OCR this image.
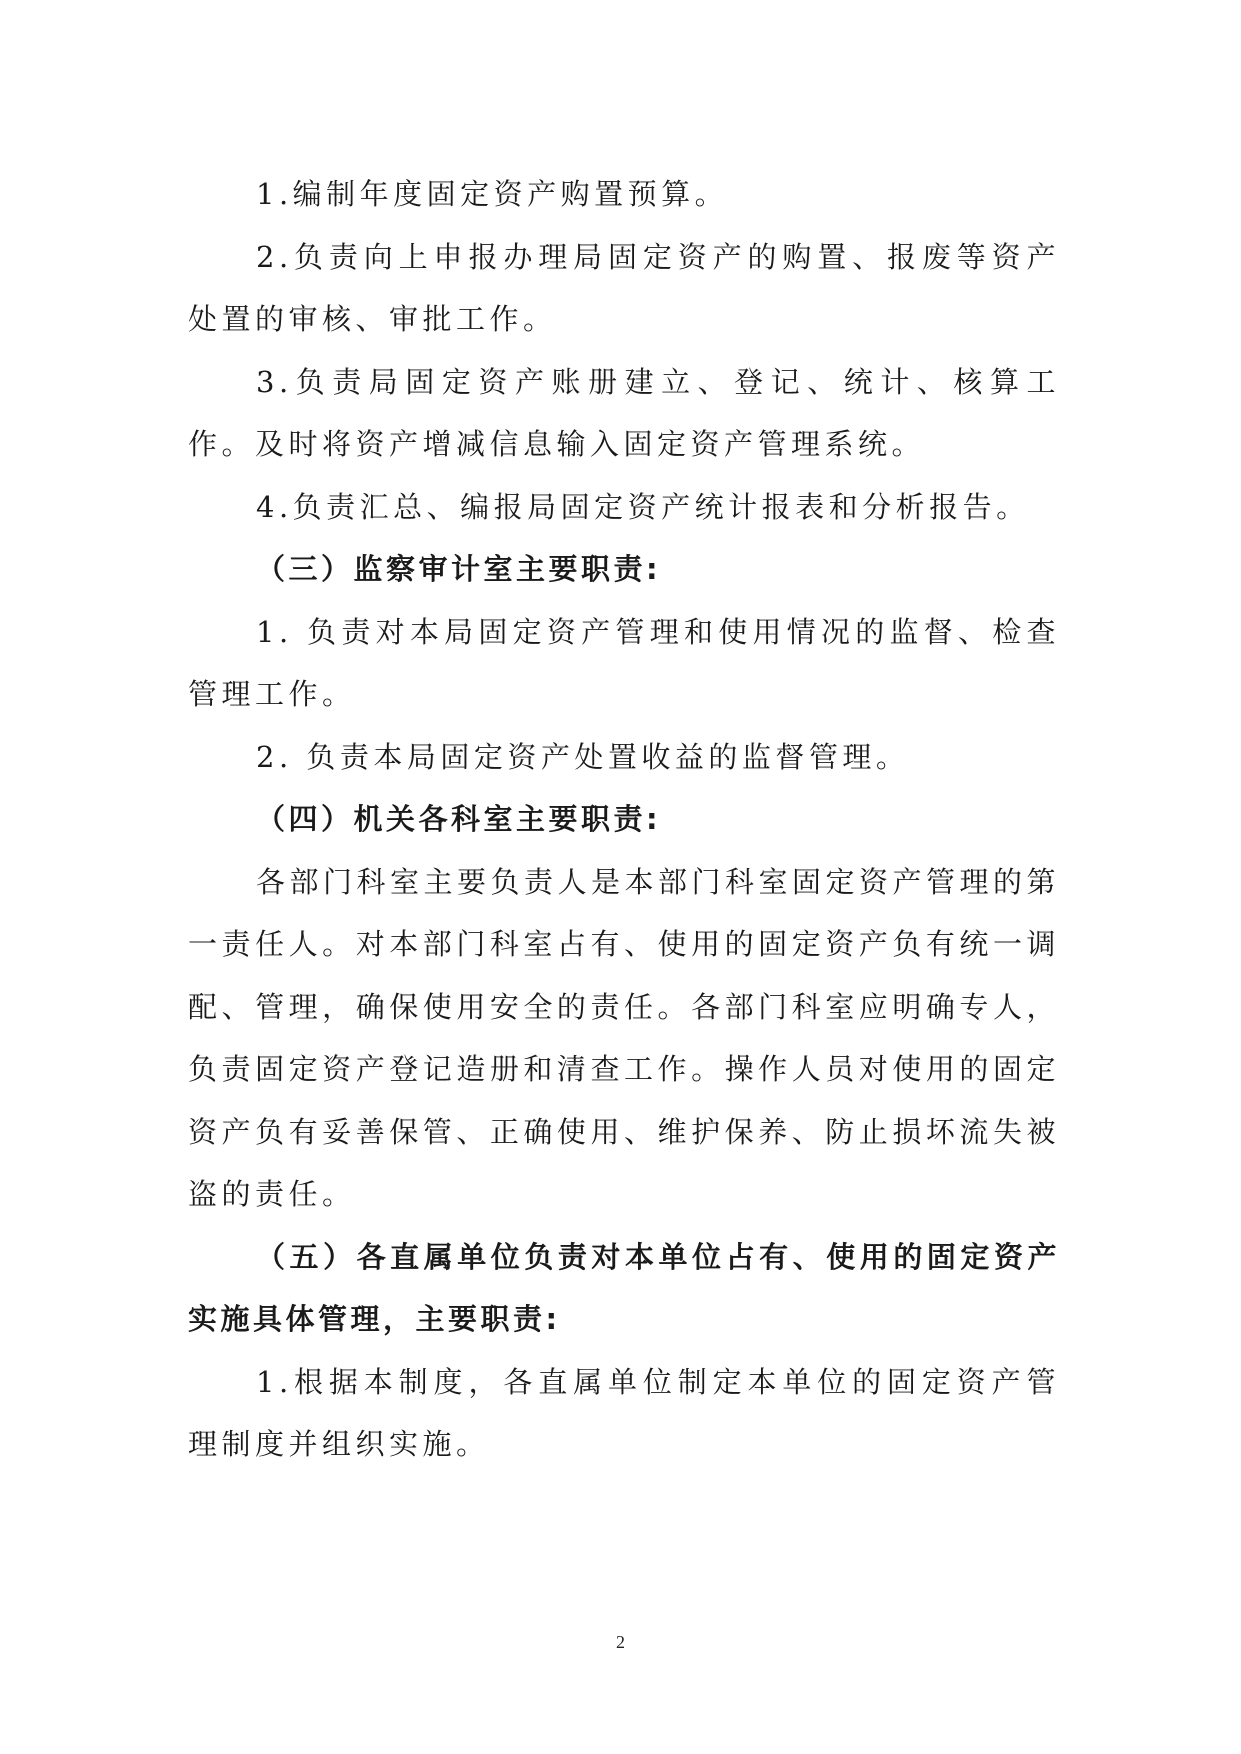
1.编制年度固定资产购置预算。

2.负责向上申报办理局固定资产的购置、报废等资产处置的审核、审批工作。

3.负责局固定资产账册建立、登记、统计、核算工作。及时将资产增减信息输入固定资产管理系统。

4.负责汇总、编报局固定资产统计报表和分析报告。

（三）监察审计室主要职责:

1. 负责对本局固定资产管理和使用情况的监督、检查管理工作。

2. 负责本局固定资产处置收益的监督管理。

（四）机关各科室主要职责:

各部门科室主要负责人是本部门科室固定资产管理的第一责任人。对本部门科室占有、使用的固定资产负有统一调配、管理，确保使用安全的责任。各部门科室应明确专人，负责固定资产登记造册和清查工作。操作人员对使用的固定资产负有妥善保管、正确使用、维护保养、防止损坏流失被盗的责任。

（五）各直属单位负责对本单位占有、使用的固定资产实施具体管理，主要职责:

1.根据本制度，各直属单位制定本单位的固定资产管理制度并组织实施。

2
